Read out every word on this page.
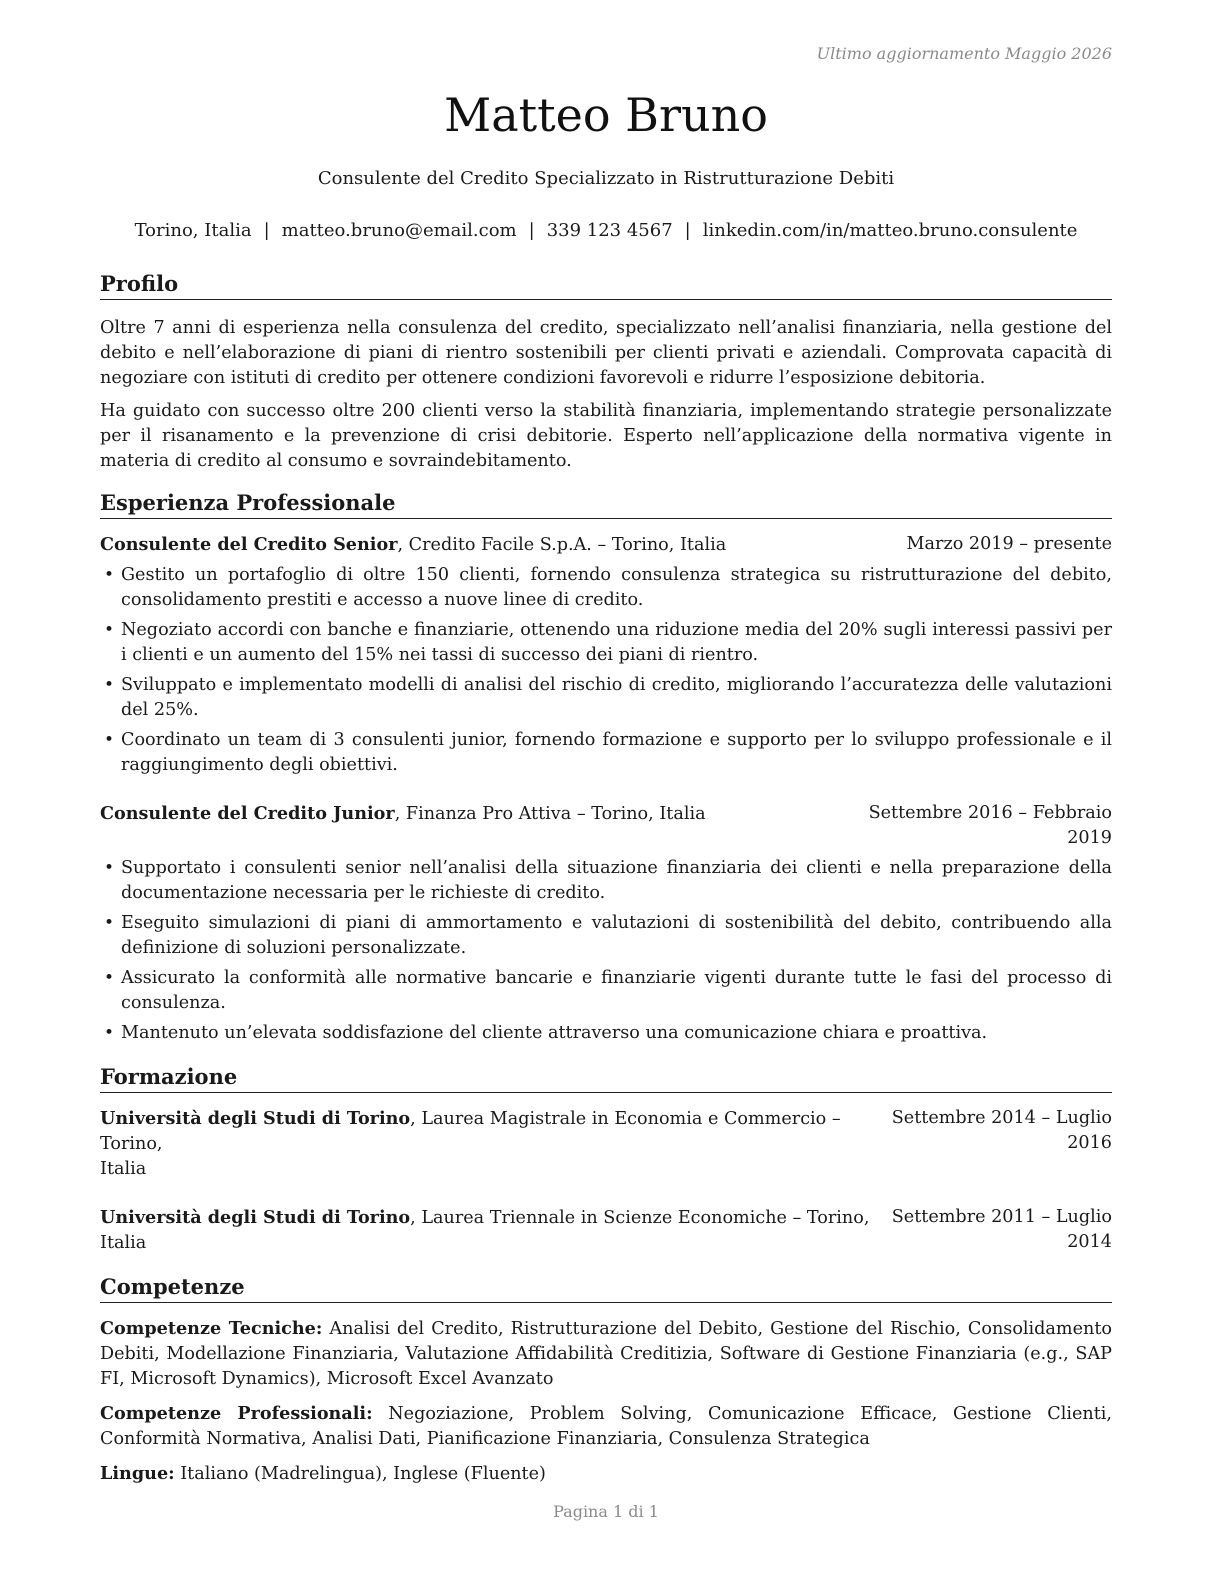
Ultimo aggiornamento Maggio 2026
Matteo Bruno
Consulente del Credito Specializzato in Ristrutturazione Debiti
Torino, Italia | matteo.bruno@email.com | 339 123 4567 | linkedin.com/in/matteo.bruno.consulente
Profilo

Oltre 7 anni di esperienza nella consulenza del credito, specializzato nell’analisi finanziaria, nella gestione del debito e nell’elaborazione di piani di rientro sostenibili per clienti privati e aziendali. Comprovata capacità di negoziare con istituti di credito per ottenere condizioni favorevoli e ridurre l’esposizione debitoria.

Ha guidato con successo oltre 200 clienti verso la stabilità finanziaria, implementando strategie personalizzate per il risanamento e la prevenzione di crisi debitorie. Esperto nell’applicazione della normativa vigente in materia di credito al consumo e sovraindebitamento.

Esperienza Professionale
Consulente del Credito Senior, Credito Facile S.p.A. – Torino, Italia	Marzo 2019 – presente
• Gestito un portafoglio di oltre 150 clienti, fornendo consulenza strategica su ristrutturazione del debito, consolidamento prestiti e accesso a nuove linee di credito.
• Negoziato accordi con banche e finanziarie, ottenendo una riduzione media del 20% sugli interessi passivi per i clienti e un aumento del 15% nei tassi di successo dei piani di rientro.
• Sviluppato e implementato modelli di analisi del rischio di credito, migliorando l’accuratezza delle valutazioni del 25%.
• Coordinato un team di 3 consulenti junior, fornendo formazione e supporto per lo sviluppo professionale e il raggiungimento degli obiettivi.
Consulente del Credito Junior, Finanza Pro Attiva – Torino, Italia	Settembre 2016 – Febbraio
2019
• Supportato i consulenti senior nell’analisi della situazione finanziaria dei clienti e nella preparazione della documentazione necessaria per le richieste di credito.
• Eseguito simulazioni di piani di ammortamento e valutazioni di sostenibilità del debito, contribuendo alla definizione di soluzioni personalizzate.
• Assicurato la conformità alle normative bancarie e finanziarie vigenti durante tutte le fasi del processo di consulenza.
• Mantenuto un’elevata soddisfazione del cliente attraverso una comunicazione chiara e proattiva.
Formazione
Università degli Studi di Torino, Laurea Magistrale in Economia e Commercio – Torino,
Italia
Settembre 2014 – Luglio
2016
Università degli Studi di Torino, Laurea Triennale in Scienze Economiche – Torino, Italia
Settembre 2011 – Luglio
2014
Competenze

Competenze Tecniche: Analisi del Credito, Ristrutturazione del Debito, Gestione del Rischio, Consolidamento Debiti, Modellazione Finanziaria, Valutazione Affidabilità Creditizia, Software di Gestione Finanziaria (e.g., SAP FI, Microsoft Dynamics), Microsoft Excel Avanzato

Competenze Professionali: Negoziazione, Problem Solving, Comunicazione Efficace, Gestione Clienti, Conformità Normativa, Analisi Dati, Pianificazione Finanziaria, Consulenza Strategica

Lingue: Italiano (Madrelingua), Inglese (Fluente)

Pagina 1 di 1
